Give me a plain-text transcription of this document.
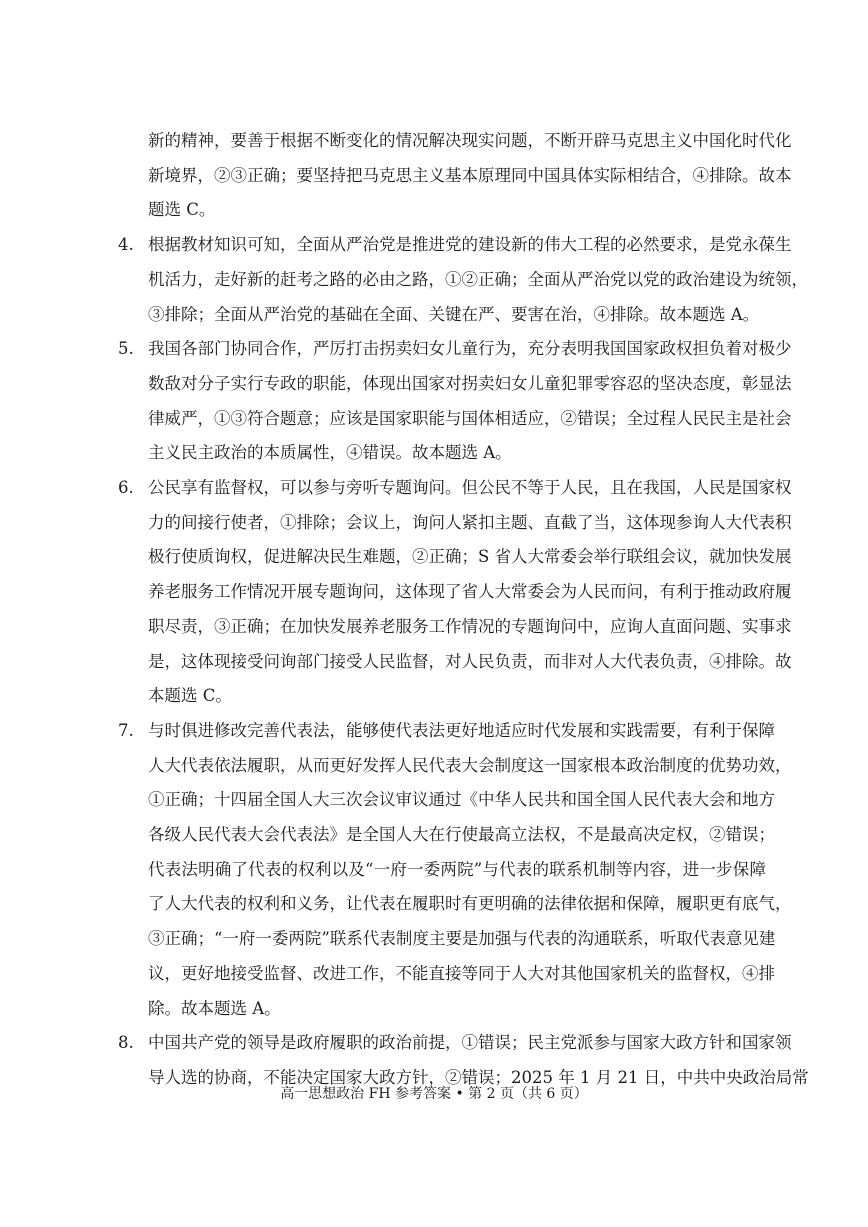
新的精神，要善于根据不断变化的情况解决现实问题，不断开辟马克思主义中国化时代化
新境界，②③正确；要坚持把马克思主义基本原理同中国具体实际相结合，④排除。故本
题选 C。
4. 根据教材知识可知，全面从严治党是推进党的建设新的伟大工程的必然要求，是党永葆生
机活力，走好新的赶考之路的必由之路，①②正确；全面从严治党以党的政治建设为统领，
③排除；全面从严治党的基础在全面、关键在严、要害在治，④排除。故本题选 A。
5. 我国各部门协同合作，严厉打击拐卖妇女儿童行为，充分表明我国国家政权担负着对极少
数敌对分子实行专政的职能，体现出国家对拐卖妇女儿童犯罪零容忍的坚决态度，彰显法
律威严，①③符合题意；应该是国家职能与国体相适应，②错误；全过程人民民主是社会
主义民主政治的本质属性，④错误。故本题选 A。
6. 公民享有监督权，可以参与旁听专题询问。但公民不等于人民，且在我国，人民是国家权
力的间接行使者，①排除；会议上，询问人紧扣主题、直截了当，这体现参询人大代表积
极行使质询权，促进解决民生难题，②正确；S 省人大常委会举行联组会议，就加快发展
养老服务工作情况开展专题询问，这体现了省人大常委会为人民而问，有利于推动政府履
职尽责，③正确；在加快发展养老服务工作情况的专题询问中，应询人直面问题、实事求
是，这体现接受问询部门接受人民监督，对人民负责，而非对人大代表负责，④排除。故
本题选 C。
7. 与时俱进修改完善代表法，能够使代表法更好地适应时代发展和实践需要，有利于保障
人大代表依法履职，从而更好发挥人民代表大会制度这一国家根本政治制度的优势功效，
①正确；十四届全国人大三次会议审议通过《中华人民共和国全国人民代表大会和地方
各级人民代表大会代表法》是全国人大在行使最高立法权，不是最高决定权，②错误；
代表法明确了代表的权利以及“一府一委两院”与代表的联系机制等内容，进一步保障
了人大代表的权利和义务，让代表在履职时有更明确的法律依据和保障，履职更有底气，
③正确；“一府一委两院”联系代表制度主要是加强与代表的沟通联系，听取代表意见建
议，更好地接受监督、改进工作，不能直接等同于人大对其他国家机关的监督权，④排
除。故本题选 A。
8. 中国共产党的领导是政府履职的政治前提，①错误；民主党派参与国家大政方针和国家领
导人选的协商，不能决定国家大政方针，②错误；2025 年 1 月 21 日，中共中央政治局常
高一思想政治 FH 参考答案 • 第 2 页（共 6 页）
